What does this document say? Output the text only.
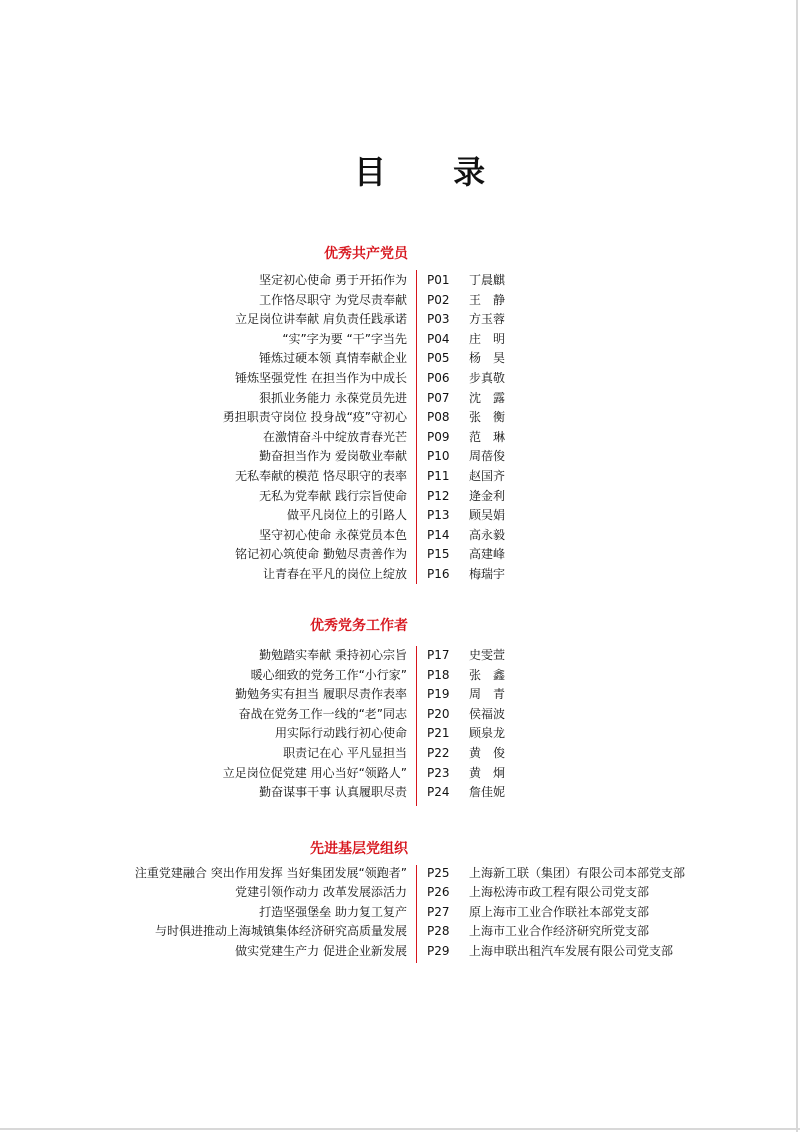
目 录
优秀共产党员
坚定初心使命 勇于开拓作为 P01 丁晨麒
工作恪尽职守 为党尽责奉献 P02 王　静
立足岗位讲奉献 肩负责任践承诺 P03 方玉蓉
“实”字为要 “干”字当先 P04 庄　明
锤炼过硬本领 真情奉献企业 P05 杨　昊
锤炼坚强党性 在担当作为中成长 P06 步真敬
狠抓业务能力 永葆党员先进 P07 沈　露
勇担职责守岗位 投身战“疫”守初心 P08 张　衡
在激情奋斗中绽放青春光芒 P09 范　琳
勤奋担当作为 爱岗敬业奉献 P10 周蓓俊
无私奉献的模范 恪尽职守的表率 P11 赵国齐
无私为党奉献 践行宗旨使命 P12 逄金利
做平凡岗位上的引路人 P13 顾吴娟
坚守初心使命 永葆党员本色 P14 高永毅
铭记初心筑使命 勤勉尽责善作为 P15 高建峰
让青春在平凡的岗位上绽放 P16 梅瑞宇
优秀党务工作者
勤勉踏实奉献 秉持初心宗旨 P17 史雯萱
暖心细致的党务工作“小行家” P18 张　鑫
勤勉务实有担当 履职尽责作表率 P19 周　青
奋战在党务工作一线的“老”同志 P20 侯福波
用实际行动践行初心使命 P21 顾泉龙
职责记在心 平凡显担当 P22 黄　俊
立足岗位促党建 用心当好“领路人” P23 黄　炯
勤奋谋事干事 认真履职尽责 P24 詹佳妮
先进基层党组织
注重党建融合 突出作用发挥 当好集团发展“领跑者” P25 上海新工联（集团）有限公司本部党支部
党建引领作动力 改革发展添活力 P26 上海松涛市政工程有限公司党支部
打造坚强堡垒 助力复工复产 P27 原上海市工业合作联社本部党支部
与时俱进推动上海城镇集体经济研究高质量发展 P28 上海市工业合作经济研究所党支部
做实党建生产力 促进企业新发展 P29 上海申联出租汽车发展有限公司党支部
